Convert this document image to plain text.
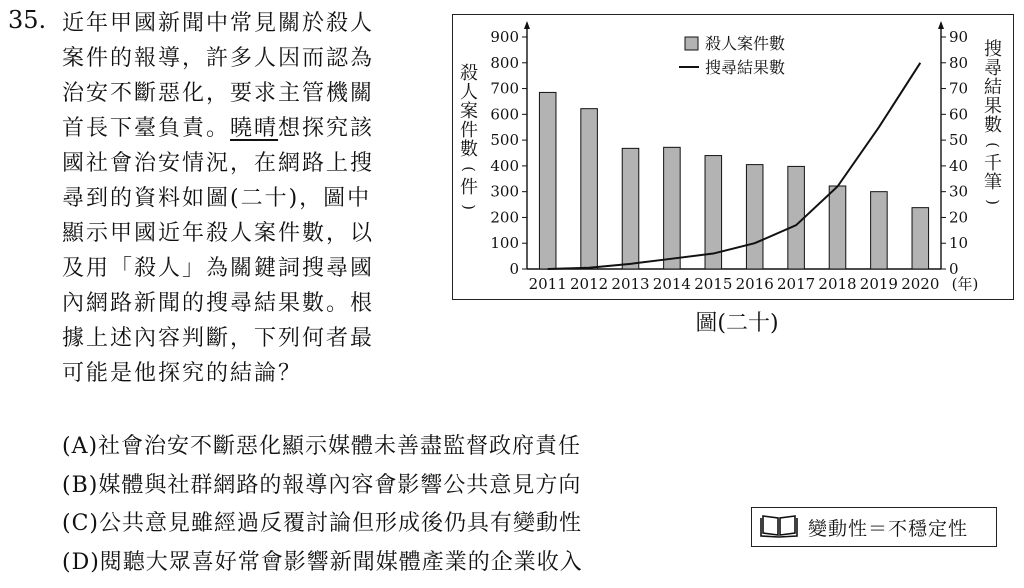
35. 近年甲國新聞中常見關於殺人
案件的報導，許多人因而認為
治安不斷惡化，要求主管機關
首長下臺負責。曉晴想探究該
國社會治安情況，在網路上搜
尋到的資料如圖(二十)，圖中
顯示甲國近年殺人案件數，以
及用「殺人」為關鍵詞搜尋國
內網路新聞的搜尋結果數。根
據上述內容判斷，下列何者最
可能是他探究的結論？
(A)社會治安不斷惡化顯示媒體未善盡監督政府責任
(B)媒體與社群網路的報導內容會影響公共意見方向
(C)公共意見雖經過反覆討論但形成後仍具有變動性
(D)閱聽大眾喜好常會影響新聞媒體產業的企業收入
0
100
200
300
400
500
600
700
800
900
0
10
20
30
40
50
60
70
80
90
2011 2012 2013 2014 2015 2016 2017 2018 2019 2020 (年)
殺
人
案
件
數
(
件
)
搜
尋
結
果
數
(
千
筆
)
殺人案件數
搜尋結果數
圖(二十)
變動性＝不穩定性
